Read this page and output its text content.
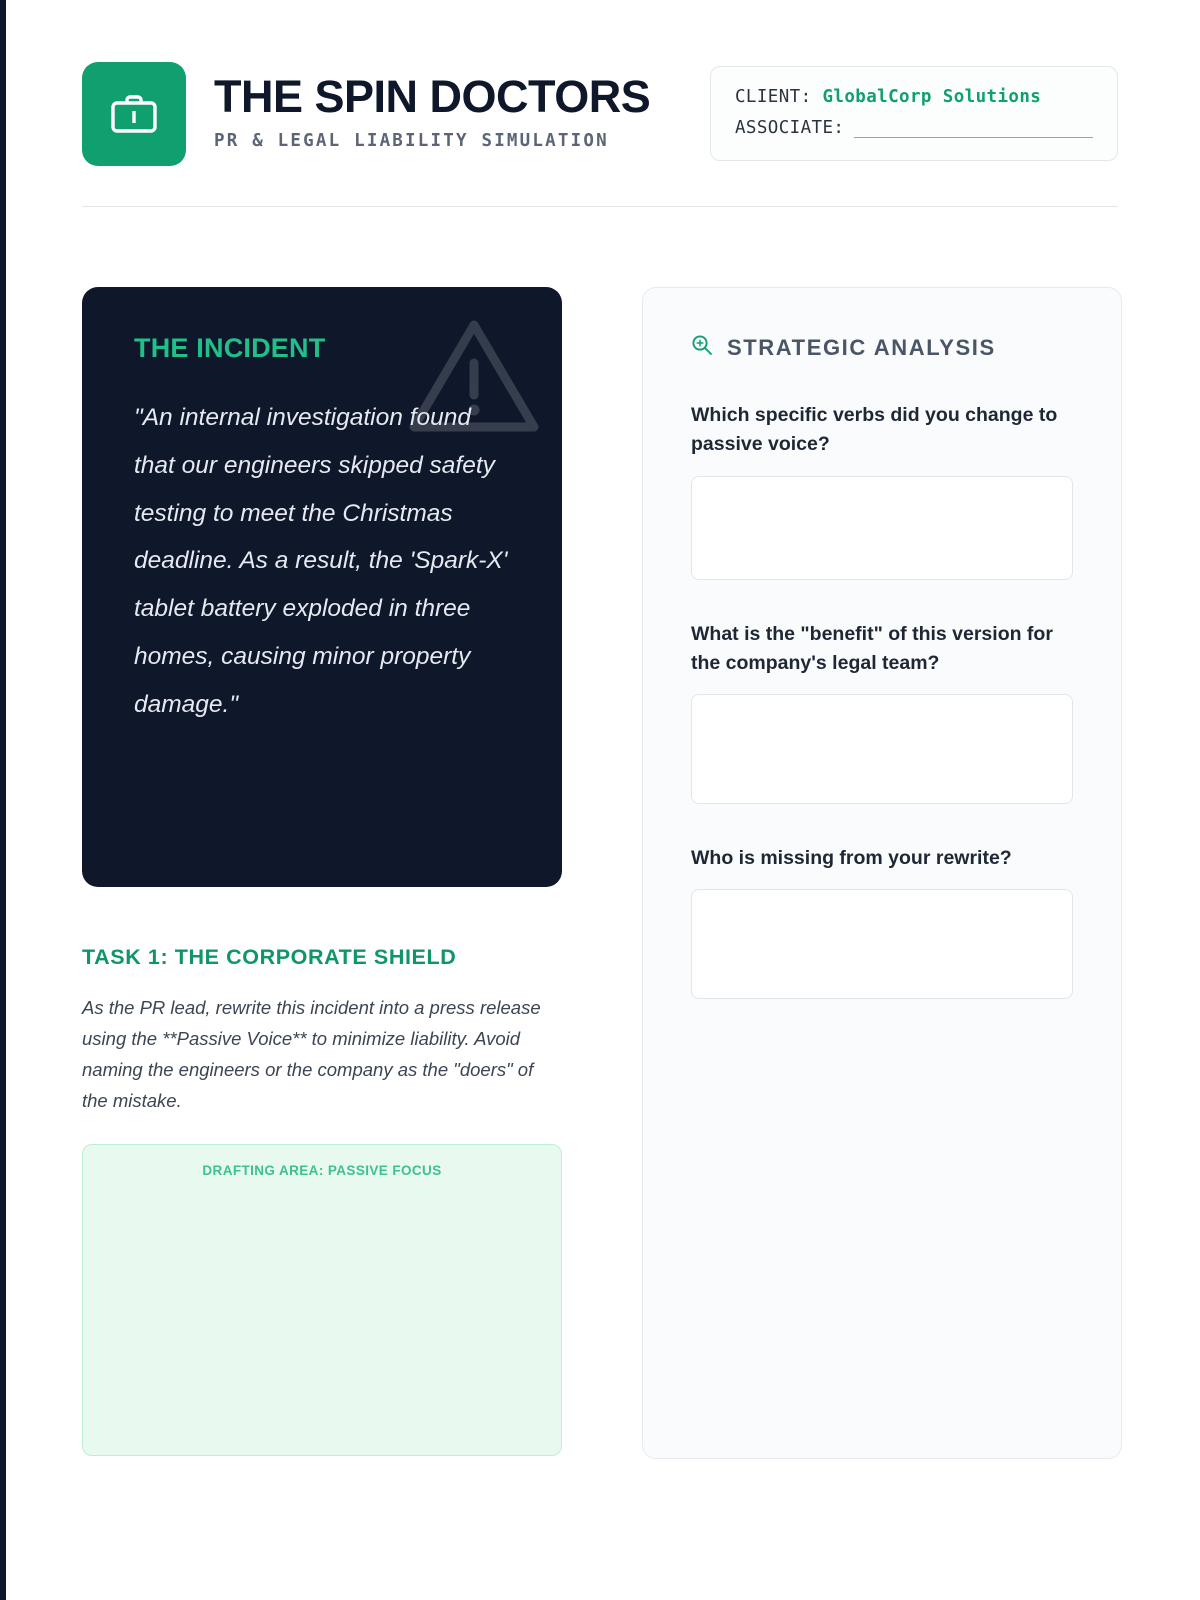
THE SPIN DOCTORS
PR & LEGAL LIABILITY SIMULATION
CLIENT: GlobalCorp Solutions
ASSOCIATE:
THE INCIDENT
"An internal investigation found that our engineers skipped safety testing to meet the Christmas deadline. As a result, the 'Spark-X' tablet battery exploded in three homes, causing minor property damage."
TASK 1: THE CORPORATE SHIELD
As the PR lead, rewrite this incident into a press release using the **Passive Voice** to minimize liability. Avoid naming the engineers or the company as the "doers" of the mistake.
DRAFTING AREA: PASSIVE FOCUS
STRATEGIC ANALYSIS
Which specific verbs did you change to passive voice?
What is the "benefit" of this version for the company's legal team?
Who is missing from your rewrite?
